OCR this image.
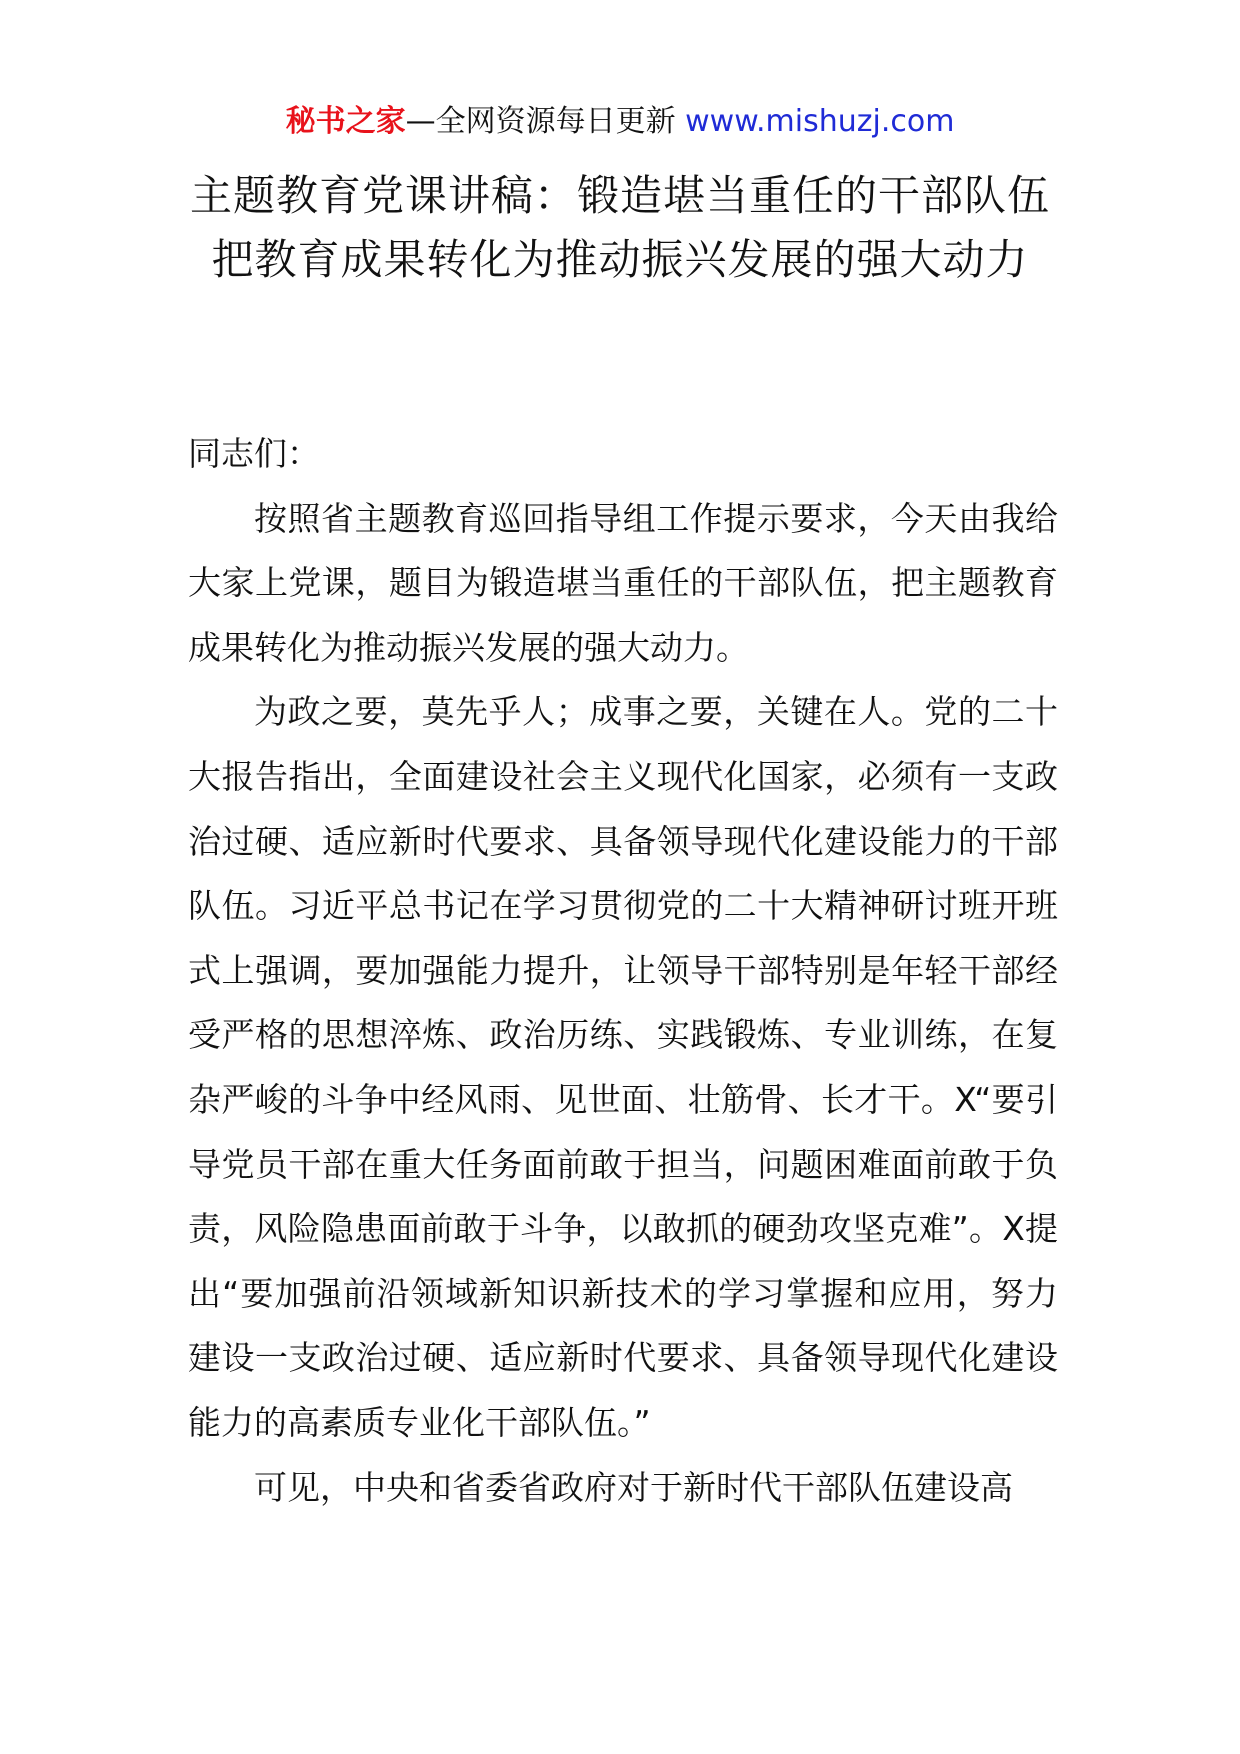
秘书之家—全网资源每日更新 www.mishuzj.com
主题教育党课讲稿：锻造堪当重任的干部队伍把教育成果转化为推动振兴发展的强大动力

同志们：

按照省主题教育巡回指导组工作提示要求，今天由我给大家上党课，题目为锻造堪当重任的干部队伍，把主题教育成果转化为推动振兴发展的强大动力。

为政之要，莫先乎人；成事之要，关键在人。党的二十大报告指出，全面建设社会主义现代化国家，必须有一支政治过硬、适应新时代要求、具备领导现代化建设能力的干部队伍。习近平总书记在学习贯彻党的二十大精神研讨班开班式上强调，要加强能力提升，让领导干部特别是年轻干部经受严格的思想淬炼、政治历练、实践锻炼、专业训练，在复杂严峻的斗争中经风雨、见世面、壮筋骨、长才干。X“要引导党员干部在重大任务面前敢于担当，问题困难面前敢于负责，风险隐患面前敢于斗争，以敢抓的硬劲攻坚克难”。X提出“要加强前沿领域新知识新技术的学习掌握和应用，努力建设一支政治过硬、适应新时代要求、具备领导现代化建设能力的高素质专业化干部队伍。”

可见，中央和省委省政府对于新时代干部队伍建设高
